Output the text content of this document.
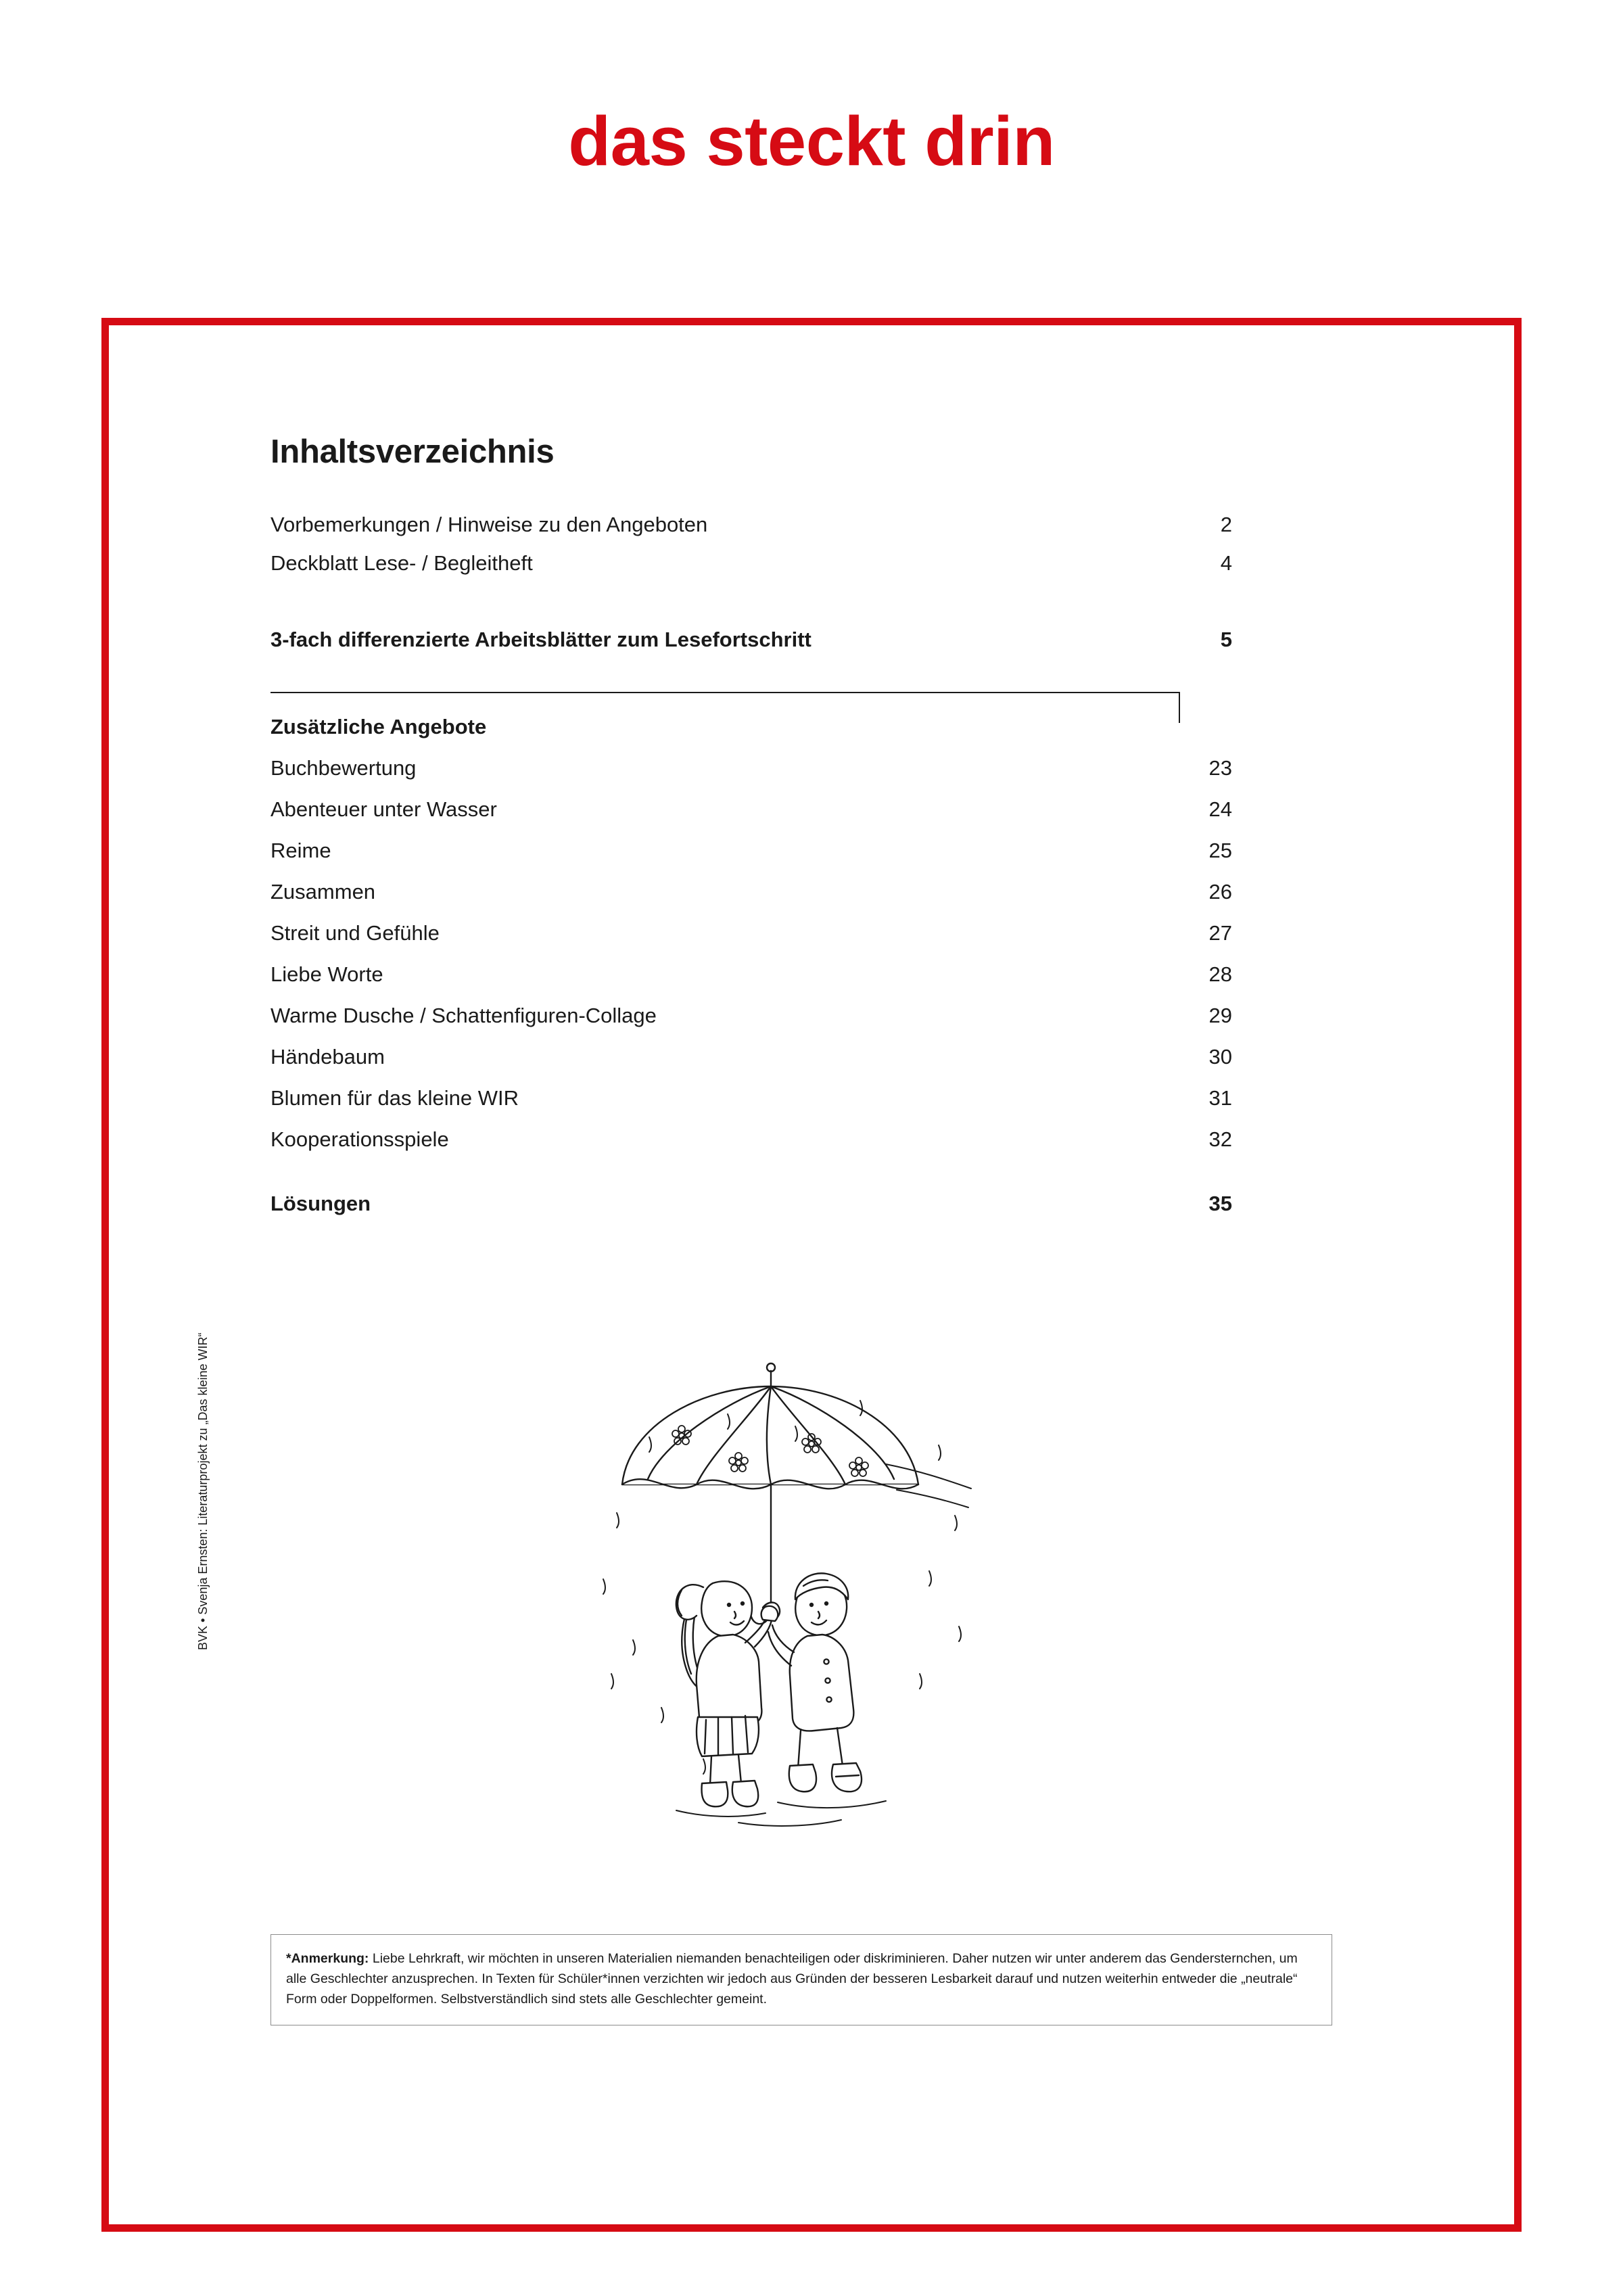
das steckt drin
Inhaltsverzeichnis
Vorbemerkungen / Hinweise zu den Angeboten	2
Deckblatt Lese- / Begleitheft	4
3-fach differenzierte Arbeitsblätter zum Lesefortschritt	5
Zusätzliche Angebote
Buchbewertung	23
Abenteuer unter Wasser	24
Reime	25
Zusammen	26
Streit und Gefühle	27
Liebe Worte	28
Warme Dusche / Schattenfiguren-Collage	29
Händebaum	30
Blumen für das kleine WIR	31
Kooperationsspiele	32
Lösungen	35
*Anmerkung: Liebe Lehrkraft, wir möchten in unseren Materialien niemanden benachteiligen oder diskriminieren. Daher nutzen wir unter anderem das Gendersternchen, um alle Geschlechter anzusprechen. In Texten für Schüler*innen verzichten wir jedoch aus Gründen der besseren Lesbarkeit darauf und nutzen weiterhin entweder die „neutrale“ Form oder Doppelformen. Selbstverständlich sind stets alle Geschlechter gemeint.
BVK • Svenja Ernsten: Literaturprojekt zu „Das kleine WIR“
